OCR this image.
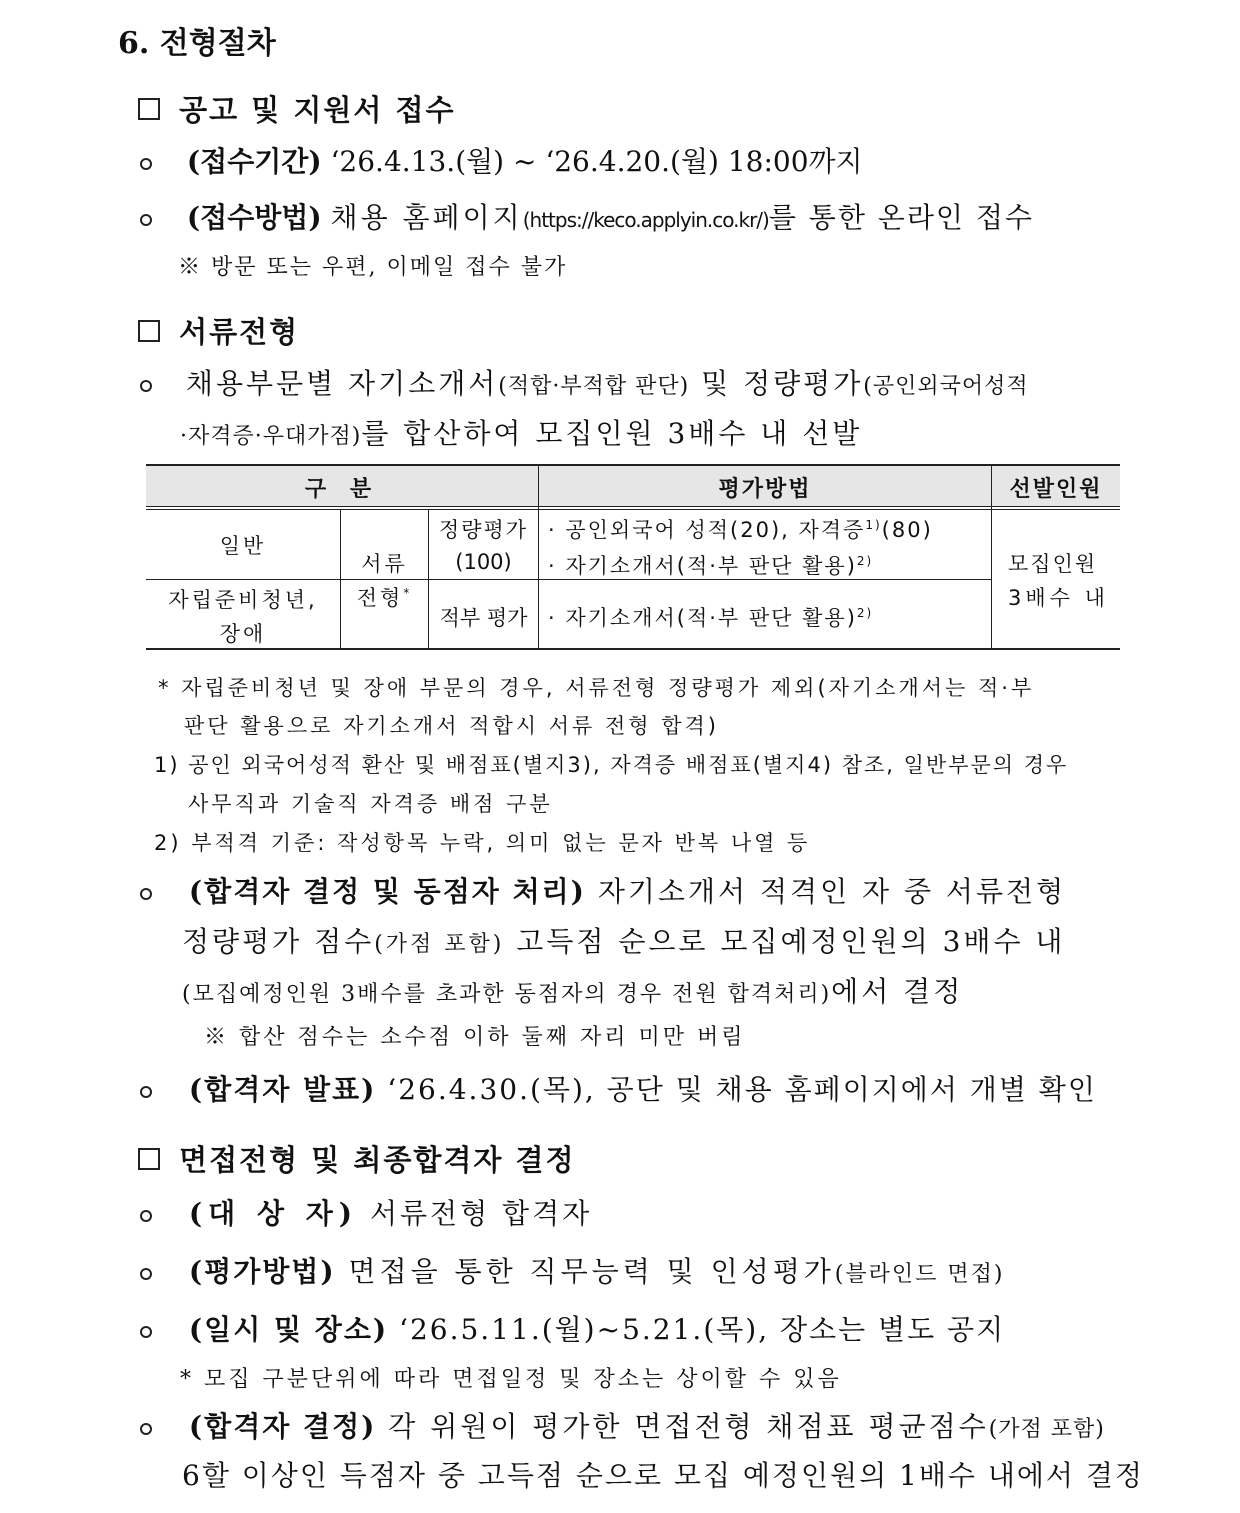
6. 전형절차
공고 및 지원서 접수
(접수기간) ‘26.4.13.(월) ~ ‘26.4.20.(월) 18:00까지
(접수방법) 채용 홈페이지(https://keco.applyin.co.kr/)를 통한 온라인 접수
※ 방문 또는 우편, 이메일 접수 불가
서류전형
채용부문별 자기소개서(적합·부적합 판단) 및 정량평가(공인외국어성적
·자격증·우대가점)를 합산하여 모집인원 3배수 내 선발
구 분	평가방법	선발인원
일반
자립준비청년,
장애
서류
전형*
정량평가
(100)
· 공인외국어 성적(20), 자격증$^{1)}$(80)
· 자기소개서(적·부 판단 활용)$^{2)}$
적부 평가 · 자기소개서(적·부 판단 활용)$^{2)}$
모집인원
3배수 내
* 자립준비청년 및 장애 부문의 경우, 서류전형 정량평가 제외(자기소개서는 적·부
판단 활용으로 자기소개서 적합시 서류 전형 합격)
1) 공인 외국어성적 환산 및 배점표(별지3), 자격증 배점표(별지4) 참조, 일반부문의 경우
사무직과 기술직 자격증 배점 구분
2) 부적격 기준: 작성항목 누락, 의미 없는 문자 반복 나열 등
(합격자 결정 및 동점자 처리) 자기소개서 적격인 자 중 서류전형
정량평가 점수(가점 포함) 고득점 순으로 모집예정인원의 3배수 내
(모집예정인원 3배수를 초과한 동점자의 경우 전원 합격처리)에서 결정
※ 합산 점수는 소수점 이하 둘째 자리 미만 버림
(합격자 발표) ‘26.4.30.(목), 공단 및 채용 홈페이지에서 개별 확인
면접전형 및 최종합격자 결정
(대 상 자) 서류전형 합격자
(평가방법) 면접을 통한 직무능력 및 인성평가(블라인드 면접)
(일시 및 장소) ‘26.5.11.(월)~5.21.(목), 장소는 별도 공지
* 모집 구분단위에 따라 면접일정 및 장소는 상이할 수 있음
(합격자 결정) 각 위원이 평가한 면접전형 채점표 평균점수(가점 포함)
6할 이상인 득점자 중 고득점 순으로 모집 예정인원의 1배수 내에서 결정
